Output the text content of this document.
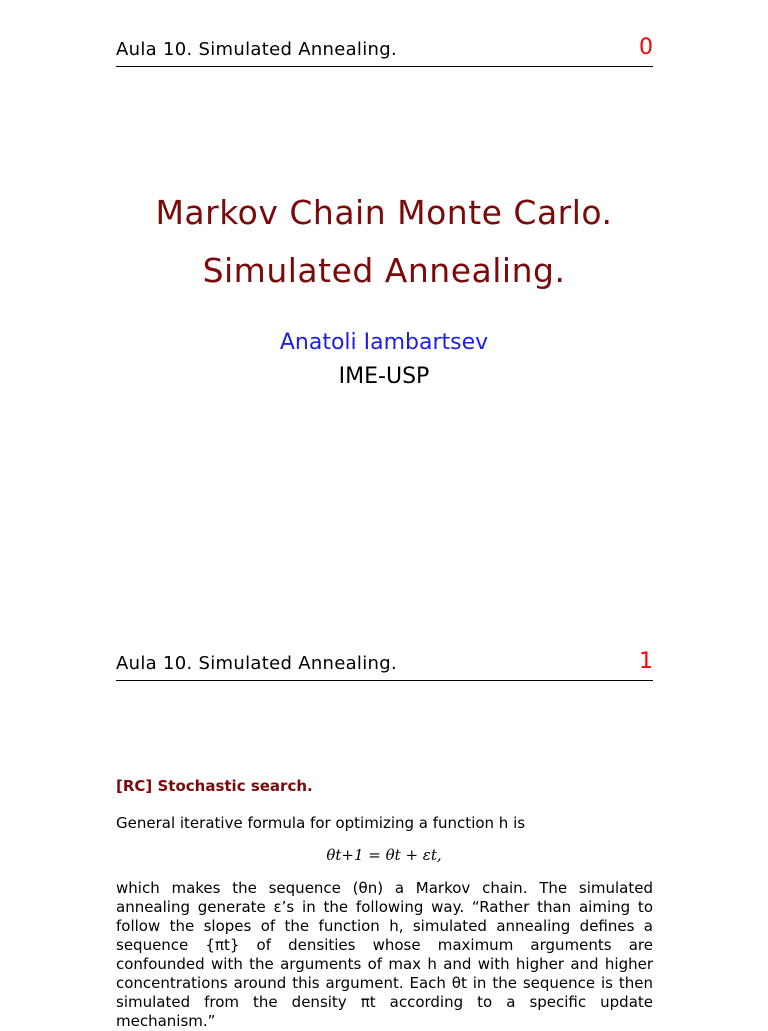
Aula 10. Simulated Annealing.	0
Markov Chain Monte Carlo.
Simulated Annealing.
Anatoli Iambartsev
IME-USP
Aula 10. Simulated Annealing.	1
[RC] Stochastic search.
General iterative formula for optimizing a function h is
θt+1 = θt + εt,
which makes the sequence (θn) a Markov chain. The simulated annealing generate ε’s in the following way. “Rather than aiming to follow the slopes of the function h, simulated annealing defines a sequence {πt} of densities whose maximum arguments are confounded with the arguments of max h and with higher and higher concentrations around this argument. Each θt in the sequence is then simulated from the density πt according to a specific update mechanism.”
